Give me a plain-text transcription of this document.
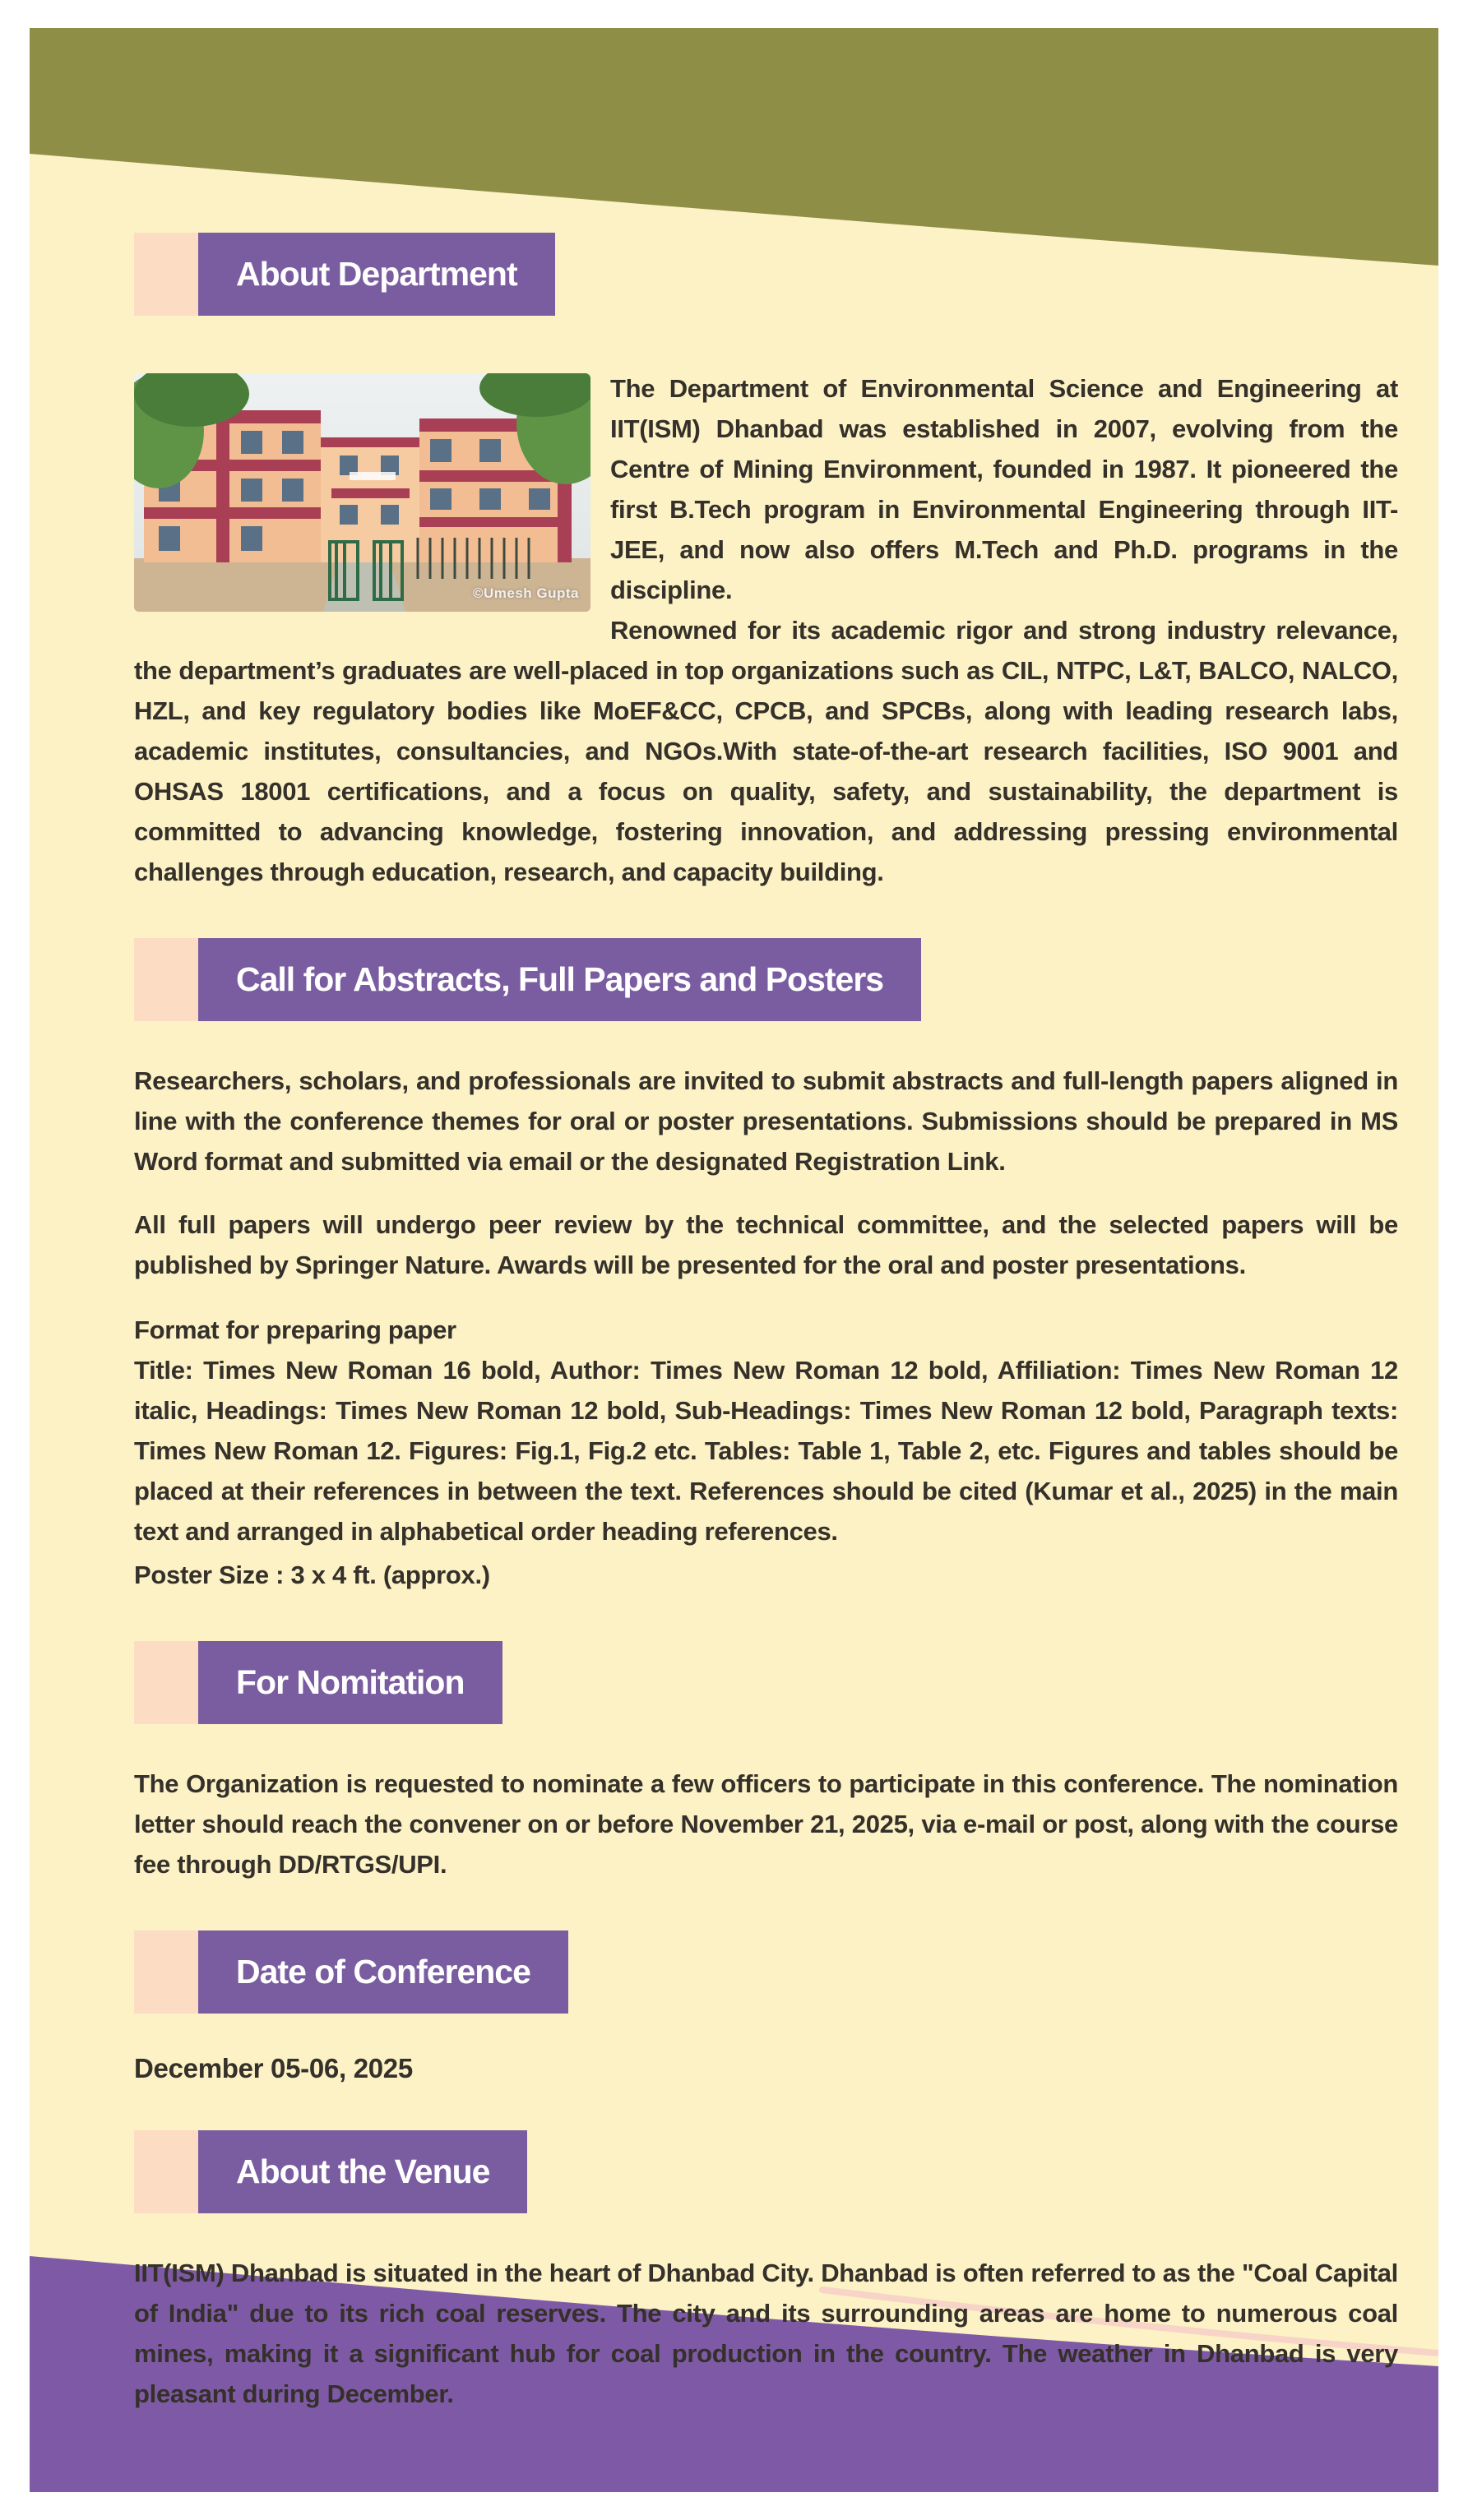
About Department
©Umesh Gupta

The Department of Environmental Science and Engineering at IIT(ISM) Dhanbad was established in 2007, evolving from the Centre of Mining Environment, founded in 1987. It pioneered the first B.Tech program in Environmental Engineering through IIT-JEE, and now also offers M.Tech and Ph.D. programs in the discipline.

Renowned for its academic rigor and strong industry relevance, the department’s graduates are well-placed in top organizations such as CIL, NTPC, L&T, BALCO, NALCO, HZL, and key regulatory bodies like MoEF&CC, CPCB, and SPCBs, along with leading research labs, academic institutes, consultancies, and NGOs.With state-of-the-art research facilities, ISO 9001 and OHSAS 18001 certifications, and a focus on quality, safety, and sustainability, the department is committed to advancing knowledge, fostering innovation, and addressing pressing environmental challenges through education, research, and capacity building.

Call for Abstracts, Full Papers and Posters

Researchers, scholars, and professionals are invited to submit abstracts and full-length papers aligned in line with the conference themes for oral or poster presentations. Submissions should be prepared in MS Word format and submitted via email or the designated Registration Link.

All full papers will undergo peer review by the technical committee, and the selected papers will be published by Springer Nature. Awards will be presented for the oral and poster presentations.

Format for preparing paper

Title: Times New Roman 16 bold, Author: Times New Roman 12 bold, Affiliation: Times New Roman 12 italic, Headings: Times New Roman 12 bold, Sub-Headings: Times New Roman 12 bold, Paragraph texts: Times New Roman 12. Figures: Fig.1, Fig.2 etc. Tables: Table 1, Table 2, etc. Figures and tables should be placed at their references in between the text. References should be cited (Kumar et al., 2025) in the main text and arranged in alphabetical order heading references.

Poster Size : 3 x 4 ft. (approx.)

For Nomitation

The Organization is requested to nominate a few officers to participate in this conference. The nomination letter should reach the convener on or before November 21, 2025, via e-mail or post, along with the course fee through DD/RTGS/UPI.

Date of Conference

December 05-06, 2025

About the Venue

IIT(ISM) Dhanbad is situated in the heart of Dhanbad City. Dhanbad is often referred to as the "Coal Capital of India" due to its rich coal reserves. The city and its surrounding areas are home to numerous coal mines, making it a significant hub for coal production in the country. The weather in Dhanbad is very pleasant during December.
